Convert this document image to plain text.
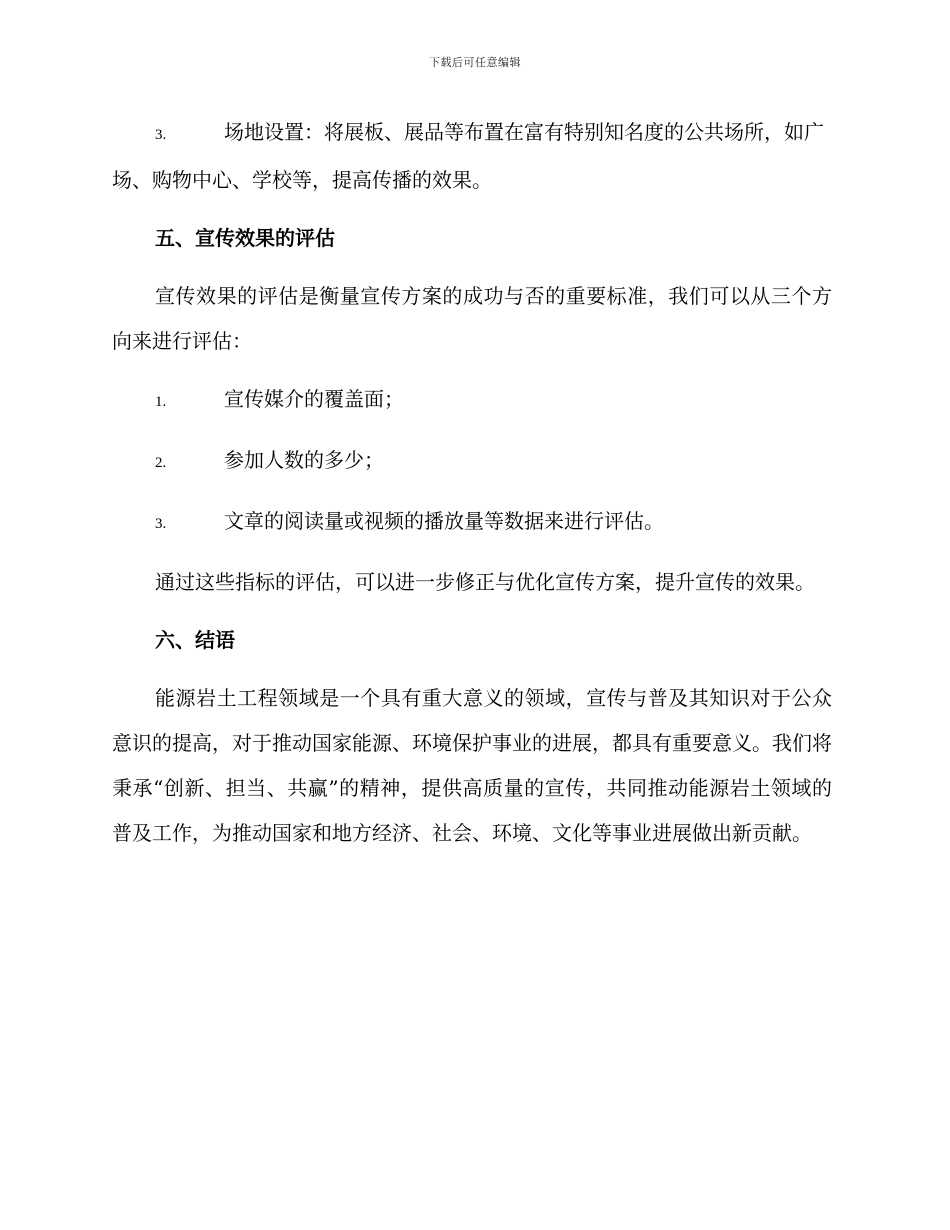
下载后可任意编辑
3.	场地设置：将展板、展品等布置在富有特别知名度的公共场所，如广场、购物中心、学校等，提高传播的效果。
五、宣传效果的评估

宣传效果的评估是衡量宣传方案的成功与否的重要标准，我们可以从三个方向来进行评估：

1.	宣传媒介的覆盖面；
2.	参加人数的多少；
3.	文章的阅读量或视频的播放量等数据来进行评估。

通过这些指标的评估，可以进一步修正与优化宣传方案，提升宣传的效果。

六、结语

能源岩土工程领域是一个具有重大意义的领域，宣传与普及其知识对于公众意识的提高，对于推动国家能源、环境保护事业的进展，都具有重要意义。我们将秉承“创新、担当、共赢”的精神，提供高质量的宣传，共同推动能源岩土领域的普及工作，为推动国家和地方经济、社会、环境、文化等事业进展做出新贡献。
